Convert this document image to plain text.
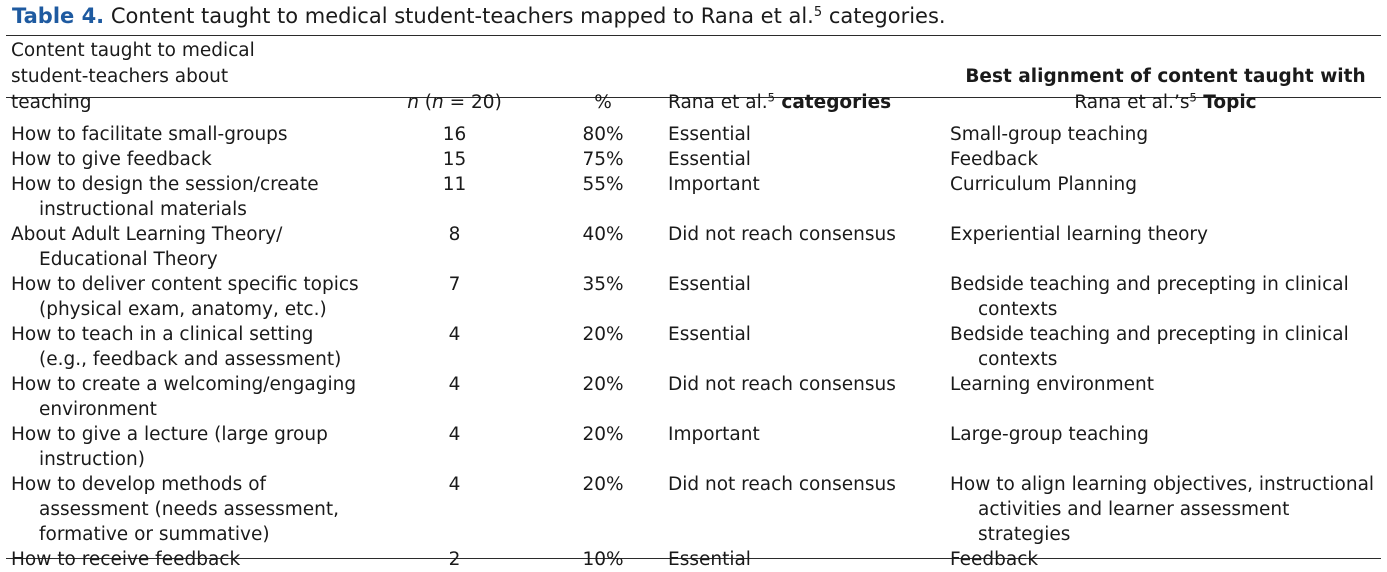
Table 4. Content taught to medical student-teachers mapped to Rana et al.$^5$ categories.
Content taught to medical student-teachers about teaching	n (n = 20)	%	Rana et al.$^5$ categories	Best alignment of content taught with
Rana et $al.’s^5$ Topic
How to facilitate small-groups	16	80%	Essential	Small-group teaching
How to give feedback	15	75%	Essential	Feedback
How to design the session/create instructional materials	11	55%	Important	Curriculum Planning
About Adult Learning Theory/ Educational Theory	8	40%	Did not reach consensus	Experiential learning theory
How to deliver content specific topics (physical exam, anatomy, etc.)	7	35%	Essential	Bedside teaching and precepting in clinical contexts
How to teach in a clinical setting (e.g., feedback and assessment)	4	20%	Essential	Bedside teaching and precepting in clinical contexts
How to create a welcoming/engaging environment	4	20%	Did not reach consensus	Learning environment
How to give a lecture (large group instruction)	4	20%	Important	Large-group teaching
How to develop methods of assessment (needs assessment, formative or summative)	4	20%	Did not reach consensus	How to align learning objectives, instructional activities and learner assessment strategies
How to receive feedback	2	10%	Essential	Feedback
